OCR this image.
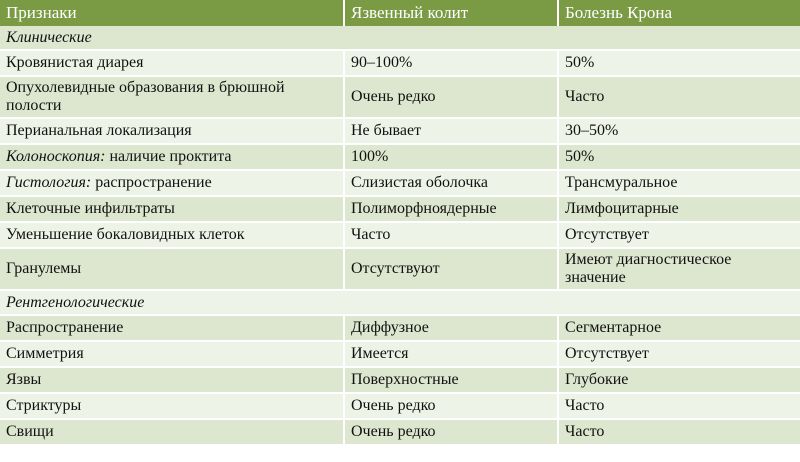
Признаки	Язвенный колит	Болезнь Крона
Клинические		
Кровянистая диарея	90–100%	50%
Опухолевидные образования в брюшной полости	Очень редко	Часто
Перианальная локализация	Не бывает	30–50%
Колоноскопия: наличие проктита	100%	50%
Гистология: распространение	Слизистая оболочка	Трансмуральное
Клеточные инфильтраты	Полиморфноядерные	Лимфоцитарные
Уменьшение бокаловидных клеток	Часто	Отсутствует
Гранулемы	Отсутствуют	Имеют диагностическое значение
Рентгенологические		
Распространение	Диффузное	Сегментарное
Симметрия	Имеется	Отсутствует
Язвы	Поверхностные	Глубокие
Стриктуры	Очень редко	Часто
Свищи	Очень редко	Часто
